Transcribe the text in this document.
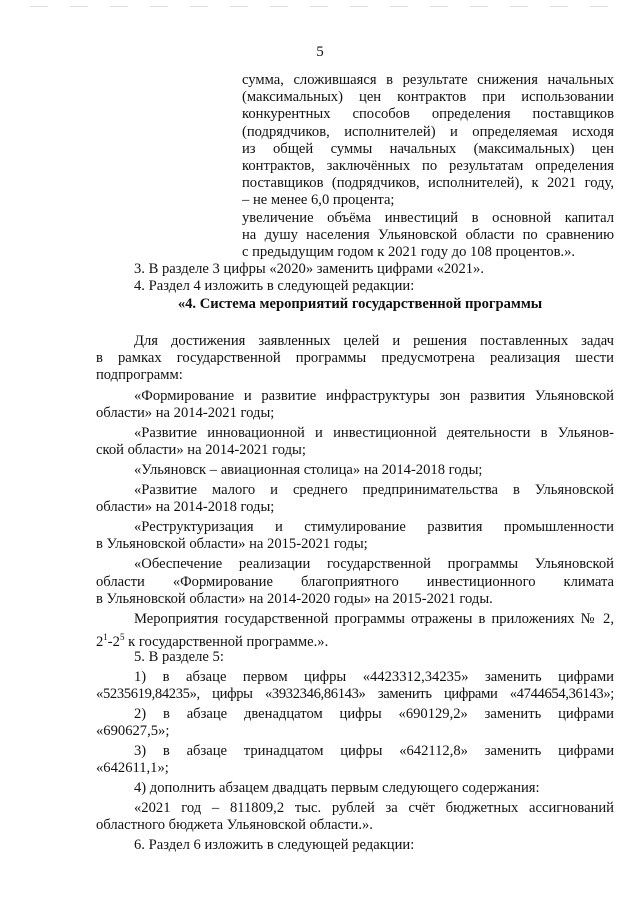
5
сумма, сложившаяся в результате снижения начальных
(максимальных) цен контрактов при использовании
конкурентных способов определения поставщиков
(подрядчиков, исполнителей) и определяемая исходя
из общей суммы начальных (максимальных) цен
контрактов, заключённых по результатам определения
поставщиков (подрядчиков, исполнителей), к 2021 году,
– не менее 6,0 процента;
увеличение объёма инвестиций в основной капитал
на душу населения Ульяновской области по сравнению
с предыдущим годом к 2021 году до 108 процентов.».
3. В разделе 3 цифры «2020» заменить цифрами «2021».
4. Раздел 4 изложить в следующей редакции:
«4. Система мероприятий государственной программы
Для достижения заявленных целей и решения поставленных задач
в рамках государственной программы предусмотрена реализация шести
подпрограмм:
«Формирование и развитие инфраструктуры зон развития Ульяновской
области» на 2014-2021 годы;
«Развитие инновационной и инвестиционной деятельности в Ульянов-
ской области» на 2014-2021 годы;
«Ульяновск – авиационная столица» на 2014-2018 годы;
«Развитие малого и среднего предпринимательства в Ульяновской
области» на 2014-2018 годы;
«Реструктуризация и стимулирование развития промышленности
в Ульяновской области» на 2015-2021 годы;
«Обеспечение реализации государственной программы Ульяновской
области «Формирование благоприятного инвестиционного климата
в Ульяновской области» на 2014-2020 годы» на 2015-2021 годы.
Мероприятия государственной программы отражены в приложениях № 2,
$2^1-2^5$ к государственной программе.».
5. В разделе 5:
1) в абзаце первом цифры «4423312,34235» заменить цифрами
«5235619,84235», цифры «3932346,86143» заменить цифрами «4744654,36143»;
2) в абзаце двенадцатом цифры «690129,2» заменить цифрами
«690627,5»;
3) в абзаце тринадцатом цифры «642112,8» заменить цифрами
«642611,1»;
4) дополнить абзацем двадцать первым следующего содержания:
«2021 год – 811809,2 тыс. рублей за счёт бюджетных ассигнований
областного бюджета Ульяновской области.».
6. Раздел 6 изложить в следующей редакции:
